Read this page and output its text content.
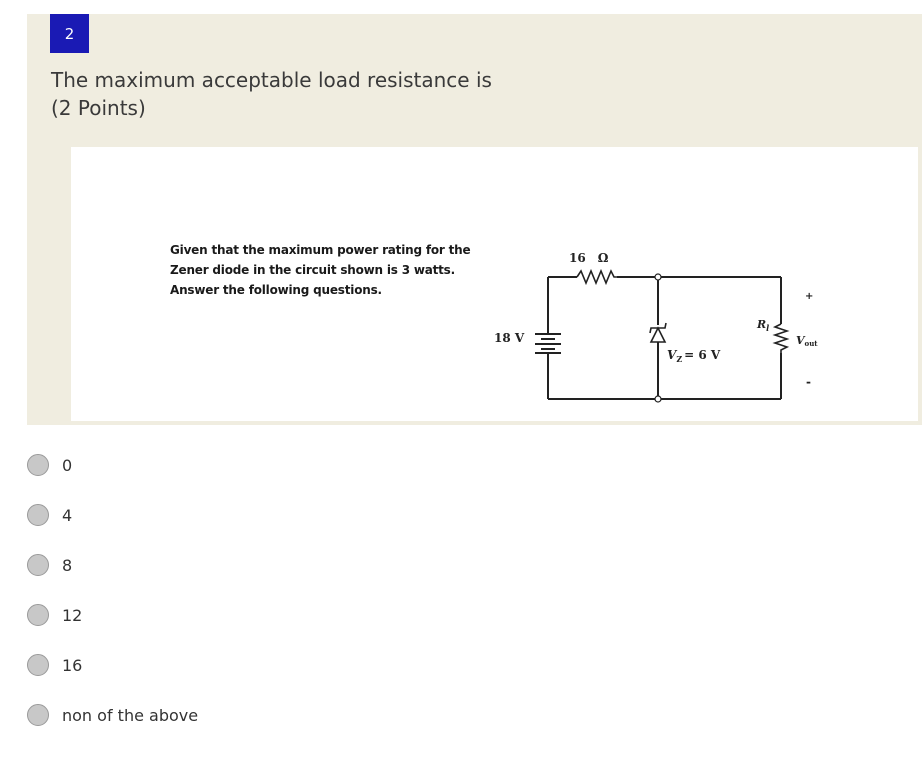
2
The maximum acceptable load resistance is
(2 Points)
Given that the maximum power rating for the
Zener diode in the circuit shown is 3 watts.
Answer the following questions.
16 Ω
18 V
$V_Z = 6$ V
$R_l$
Vout
+
-
0
4
8
12
16
non of the above
